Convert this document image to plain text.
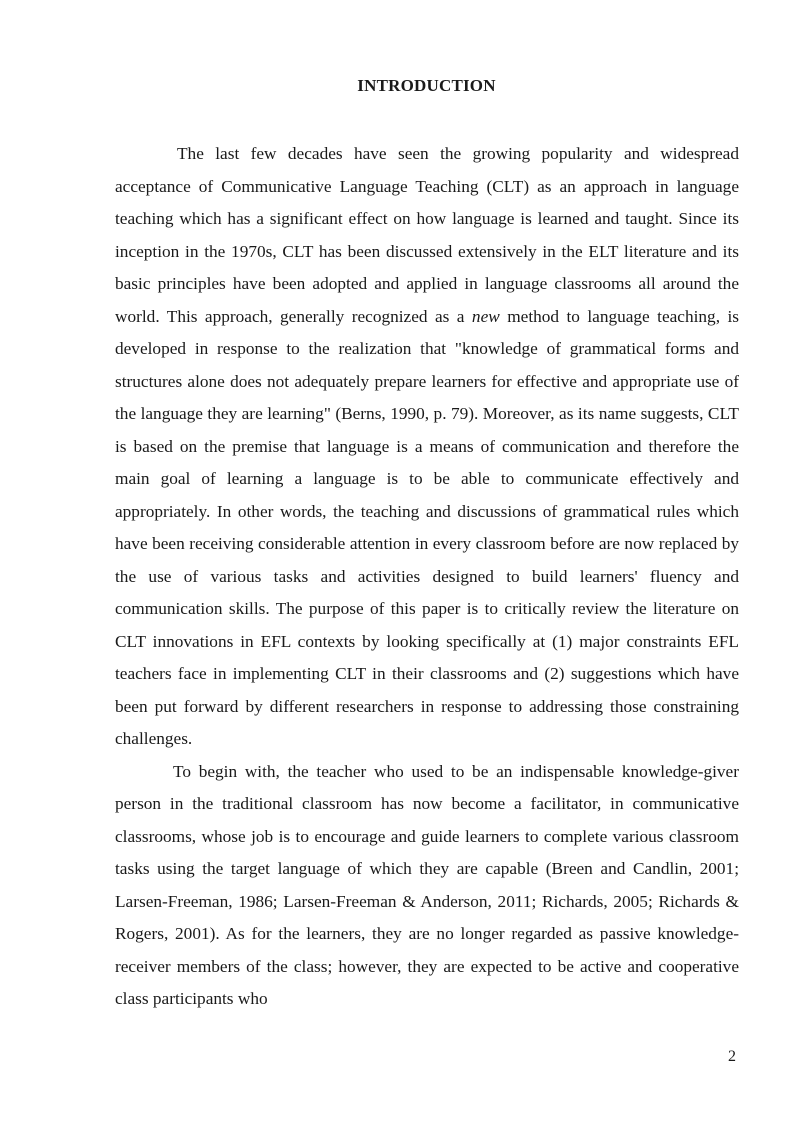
INTRODUCTION

The last few decades have seen the growing popularity and widespread acceptance of Communicative Language Teaching (CLT) as an approach in language teaching which has a significant effect on how language is learned and taught. Since its inception in the 1970s, CLT has been discussed extensively in the ELT literature and its basic principles have been adopted and applied in language classrooms all around the world. This approach, generally recognized as a new method to language teaching, is developed in response to the realization that "knowledge of grammatical forms and structures alone does not adequately prepare learners for effective and appropriate use of the language they are learning" (Berns, 1990, p. 79). Moreover, as its name suggests, CLT is based on the premise that language is a means of communication and therefore the main goal of learning a language is to be able to communicate effectively and appropriately. In other words, the teaching and discussions of grammatical rules which have been receiving considerable attention in every classroom before are now replaced by the use of various tasks and activities designed to build learners' fluency and communication skills. The purpose of this paper is to critically review the literature on CLT innovations in EFL contexts by looking specifically at (1) major constraints EFL teachers face in implementing CLT in their classrooms and (2) suggestions which have been put forward by different researchers in response to addressing those constraining challenges.

To begin with, the teacher who used to be an indispensable knowledge-giver person in the traditional classroom has now become a facilitator, in communicative classrooms, whose job is to encourage and guide learners to complete various classroom tasks using the target language of which they are capable (Breen and Candlin, 2001; Larsen-Freeman, 1986; Larsen-Freeman & Anderson, 2011; Richards, 2005; Richards & Rogers, 2001). As for the learners, they are no longer regarded as passive knowledge-receiver members of the class; however, they are expected to be active and cooperative class participants who

2
